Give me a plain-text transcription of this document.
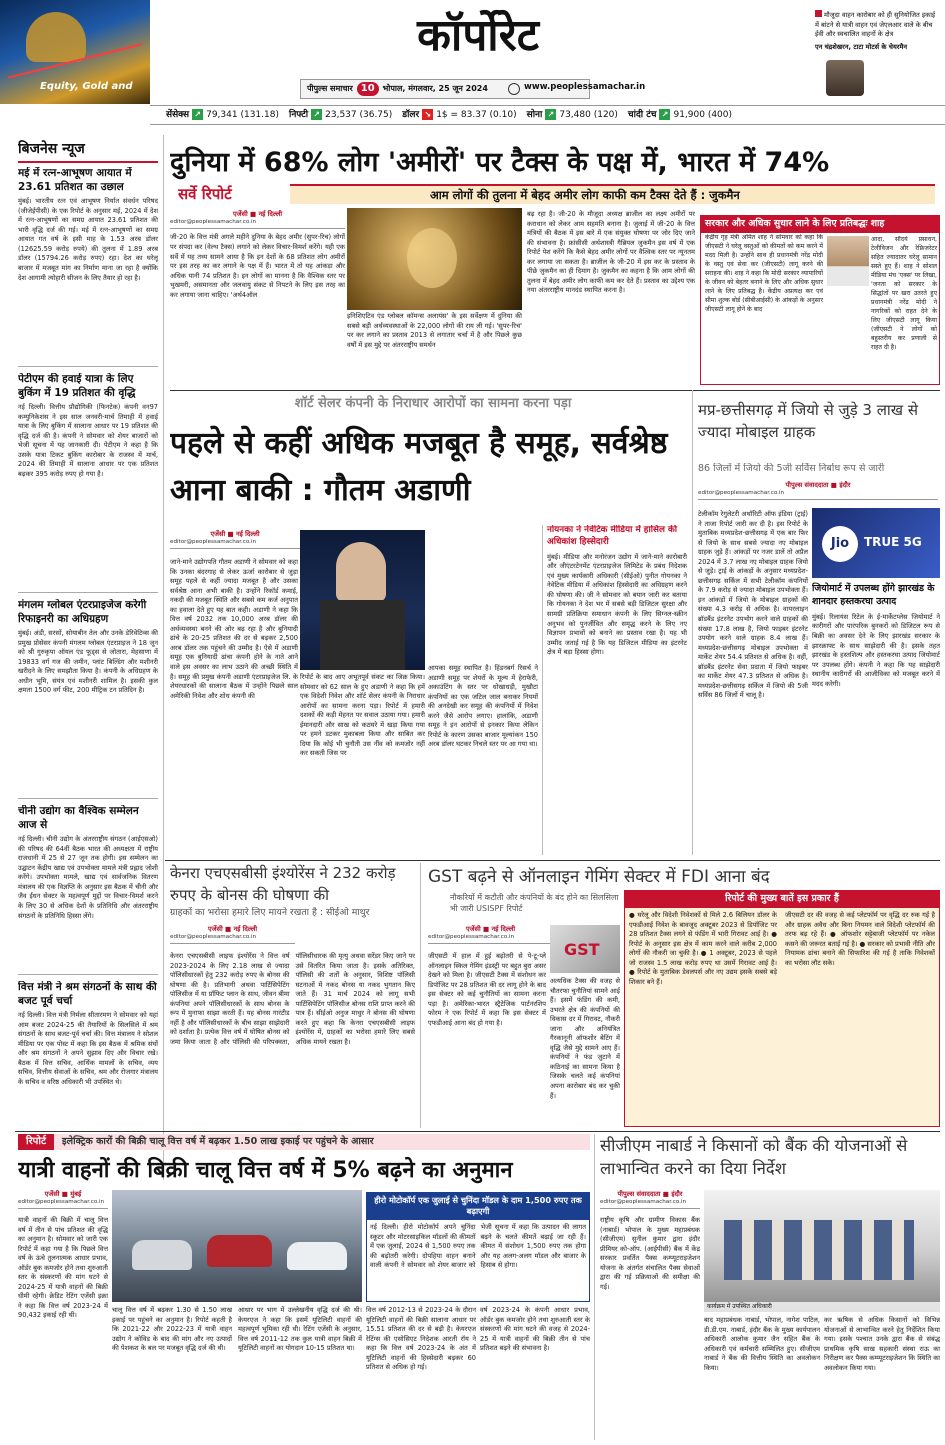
Equity, Gold and
कॉर्पोरेट
पीपुल्स समाचार 10	भोपाल, मंगलवार, 25 जून 2024	www.peoplessamachar.in
मौजूदा वाहन कारोबार को ही सुनियोजित इकाई में बांटने से यात्री वाहन एवं जेएलआर वाले के बीच ईवी और स्वचालित वाहनों के क्षेत्र
एन चंद्रशेखरन, टाटा मोटर्स के चेयरमैन
सेंसेक्स ↗ 79,341 (131.18) निफ्टी ↗ 23,537 (36.75) डॉलर ↘ 1$ = 83.37 (0.10) सोना ↗ 73,480 (120) चांदी टंच ↗ 91,900 (400)
बिजनेस न्यूज
मई में रत्न-आभूषण आयात में 23.61 प्रतिशत का उछाल
मुंबई। भारतीय रत्न एवं आभूषण निर्यात संवर्धन परिषद (जीजेईपीसी) के एक रिपोर्ट के अनुसार मई, 2024 में देश में रत्न-आभूषणों का समग्र आयात 23.61 प्रतिशत की भारी वृद्धि दर्ज की गई। मई में रत्न-आभूषणों का समग्र आयात गत वर्ष के इसी माह के 1.53 अरब डॉलर (12625.59 करोड़ रुपये) की तुलना में 1.89 अरब डॉलर (15794.26 करोड़ रुपए) रहा। देश का घरेलू बाजार में मजबूत मांग का निर्माण माना जा रहा है क्योंकि देश आगामी त्योहारी सीजन के लिए तैयार हो रहा है।
पेटीएम की हवाई यात्रा के लिए बुकिंग में 19 प्रतिशत की वृद्धि
नई दिल्ली। वित्तीय प्रौद्योगिकी (फिनटेक) कंपनी वन97 कम्युनिकेशंस ने इस साल जनवरी-मार्च तिमाही में हवाई यात्रा के लिए बुकिंग में सालाना आधार पर 19 प्रतिशत की वृद्धि दर्ज की है। कंपनी ने सोमवार को शेयर बाजारों को भेजी सूचना में यह जानकारी दी। पेटीएम ने कहा है कि उसके यात्रा टिकट बुकिंग कारोबार के राजस्व में मार्च, 2024 की तिमाही में सालाना आधार पर एक प्रतिशत बढ़कर 395 करोड़ रुपए हो गया है।
मंगलम ग्लोबल एंटरप्राइजेज करेगी रिफाइनरी का अधिग्रहण
मुंबई। अंडी, सरसों, सोयाबीन तेल और उनके डेरिवेटिव्स की प्रमुख प्रोसेसर कंपनी मंगलम ग्लोबल एंटरप्राइज ने 18 जून को श्री गुरुकृपा ऑयल एंड फूड्स से जोतारा, मेहसाणा में 19833 वर्ग गज की जमीन, प्लांट बिल्डिंग और मशीनरी खरीदने के लिए समझौता किया है। कंपनी के अधिग्रहण के अधीन भूमि, संयंत्र एवं मशीनरी शामिल है। इसकी कुल क्षमता 1500 वर्ग फीट, 200 मीट्रिक टन प्रतिदिन है।
चीनी उद्योग का वैश्विक सम्मेलन आज से
नई दिल्ली। चीनी उद्योग के अंतरराष्ट्रीय संगठन (आईएसओ) की परिषद की 64वीं बैठक भारत की अध्यक्षता में राष्ट्रीय राजधानी में 25 से 27 जून तक होगी। इस सम्मेलन का उद्घाटन केंद्रीय खाद्य एवं उपभोक्ता मामले मंत्री प्रह्लाद जोशी करेंगे। उपभोक्ता मामले, खाद्य एवं सार्वजनिक वितरण मंत्रालय की एक विज्ञप्ति के अनुसार इस बैठक में चीनी और जैव ईंधन सेक्टर के महत्वपूर्ण मुद्दों पर विचार-विमर्श करने के लिए 30 से अधिक देशों के प्रतिनिधि और अंतरराष्ट्रीय संगठनों के प्रतिनिधि हिस्सा लेंगे।
वित्त मंत्री ने श्रम संगठनों के साथ की बजट पूर्व चर्चा
नई दिल्ली। वित्त मंत्री निर्मला सीतारमण ने सोमवार को यहां आम बजट 2024-25 की तैयारियों के सिलसिले में श्रम संगठनों के साथ बजट-पूर्व चर्चा की। वित्त मंत्रालय ने सोशल मीडिया पर एक पोस्ट में कहा कि इस बैठक में श्रमिक संघों और श्रम संगठनों ने अपने सुझाव दिए और विचार रखे। बैठक में वित्त सचिव, आर्थिक मामलों के सचिव, व्यय सचिव, वित्तीय सेवाओं के सचिव, श्रम और रोजगार मंत्रालय के सचिव व वरिष्ठ अधिकारी भी उपस्थित थे।
दुनिया में 68% लोग 'अमीरों' पर टैक्स के पक्ष में, भारत में 74%
सर्वे रिपोर्ट	आम लोगों की तुलना में बेहद अमीर लोग काफी कम टैक्स देते हैं : जुकमैन
एजेंसी ■ नई दिल्ली
editor@peoplessamachar.co.in
जी-20 के वित्त मंत्री अगले महीने दुनिया के बेहद अमीर (सुपर-रिच) लोगों पर संपदा कर (वेल्थ टैक्स) लगाने को लेकर विचार-विमर्श करेंगे। यही एक सर्वे में यह तथ्य सामने आया है कि इन देशों के 68 प्रतिशत लोग अमीरों पर इस तरह का कर लगाने के पक्ष में हैं। भारत में तो यह आंकड़ा और अधिक यानी 74 प्रतिशत है। इन लोगों का मानना है कि वैश्विक स्तर पर भुखमरी, असमानता और जलवायु संकट से निपटने के लिए इस तरह का कर लगाया जाना चाहिए। 'अर्थ4ऑल
इनिशिएटिव एंड ग्लोबल कॉमन्स अलायंस' के इस सर्वेक्षण में दुनिया की सबसे बड़ी अर्थव्यवस्थाओं के 22,000 लोगों की राय ली गई। 'सुपर-रिच' पर कर लगाने का प्रस्ताव 2013 से लगातार चर्चा में है और पिछले कुछ वर्षों में इस मुद्दे पर अंतरराष्ट्रीय समर्थन
बढ़ रहा है। जी-20 के मौजूदा अध्यक्ष ब्राजील का लक्ष्य अमीरों पर कराधान को लेकर आम सहमति बनाना है। जुलाई में जी-20 के वित्त मंत्रियों की बैठक में इस बारे में एक संयुक्त घोषणा पर जोर दिए जाने की संभावना है। फ्रांसीसी अर्थशास्त्री गैब्रियल जुकमैन इस वर्ष में एक रिपोर्ट पेश करेंगे कि कैसे बेहद अमीर लोगों पर वैश्विक स्तर पर न्यूनतम कर लगाया जा सकता है। ब्राजील के जी-20 में इस कर के प्रस्ताव के पीछे जुकमैन का ही दिमाग है। जुकमैन का कहना है कि आम लोगों की तुलना में बेहद अमीर लोग काफी कम कर देते हैं। प्रस्ताव का उद्देश्य एक नया अंतरराष्ट्रीय मानदंड स्थापित करना है।
सरकार और अधिक सुधार लाने के लिए प्रतिबद्धः शाह
केंद्रीय गृह मंत्री अमित शाह ने सोमवार को कहा कि जीएसटी ने घरेलू वस्तुओं को कीमतों को कम करने में मदद मिली है। उन्होंने साथ ही प्रधानमंत्री नरेंद्र मोदी के वस्तु एवं सेवा कर (जीएसटी) लागू करने की सराहना की। शाह ने कहा कि मोदी सरकार व्यापारियों के जीवन को बेहतर बनाने के लिए और अधिक सुधार लाने के लिए प्रतिबद्ध है। केंद्रीय अप्रत्यक्ष कर एवं सीमा शुल्क बोर्ड (सीबीआईसी) के आंकड़ों के अनुसार जीएसटी लागू होने के बाद
आदा, सौंदर्य प्रसाधन, टेलीविजन और रेफ्रिजरेटर सहित ज्यादातर घरेलू सामान सस्ते हुए हैं। शाह ने सोशल मीडिया मंच 'एक्स' पर लिखा, 'जनता को सरकार के सिद्धांतों पर खरा उतरते हुए प्रधानमंत्री नरेंद्र मोदी ने नागरिकों को राहत देने के लिए जीएसटी लागू किया (जीएसटी ने लोगों को बहुस्तरीय कर प्रणाली से राहत दी है।
शॉर्ट सेलर कंपनी के निराधार आरोपों का सामना करना पड़ा
पहले से कहीं अधिक मजबूत है समूह, सर्वश्रेष्ठ आना बाकी : गौतम अडाणी
एजेंसी ■ नई दिल्ली
editor@peoplessamachar.co.in
जाने-माने उद्योगपति गौतम अडाणी ने सोमवार को कहा कि उनका बंदरगाह से लेकर ऊर्जा कारोबार से जुड़ा समूह पहले से कहीं ज्यादा मजबूत है और उसका सर्वश्रेष्ठ आना अभी बाकी है। उन्होंने रिकॉर्ड कमाई, नकदी की मजबूत स्थिति और सबसे कम कर्ज अनुपात का हवाला देते हुए यह बात कही। अडाणी ने कहा कि वित्त वर्ष 2032 तक 10,000 अरब डॉलर की अर्थव्यवस्था बनने की ओर बढ़ रहा है और बुनियादी ढांचे के 20-25 प्रतिशत की दर से बढ़कर 2,500 अरब डॉलर तक पहुंचने की उम्मीद है। ऐसे में अडाणी समूह एक बुनियादी ढांचा कंपनी होने के नाते आने वाले इस अवसर का लाभ उठाने की अच्छी स्थिति में है। समूह की प्रमुख कंपनी अडाणी एंटरप्राइजेज लि. के शेयरधारकों की सालाना बैठक में उन्होंने पिछले साल अमेरिकी निवेश और शोध कंपनी की
रिपोर्ट के बाद आए अभूतपूर्व संकट का जिक्र किया। सोमवार को 62 साल के हुए अडाणी ने कहा कि हमें एक विदेशी निवेश और शॉर्ट सेलर कंपनी के निराधार आरोपों का सामना करना पड़ा। रिपोर्ट में हमारी दशकों की कड़ी मेहनत पर सवाल उठाया गया। हमारी ईमानदारी और साख को कठघरे में खड़ा किया गया पर हमने डटकर मुकाबला किया और साबित कर दिया कि कोई भी चुनौती उस नींव को कमजोर नहीं कर सकती जिस पर
आपका समूह स्थापित है। हिंडनबर्ग रिसर्च ने अडाणी समूह पर शेयरों के मूल्य में हेराफेरी, अकाउंटिंग के स्तर पर धोखाधड़ी, मुखौटा कंपनियों का एक जटिल जाल बनाकर नियमों की अनदेखी कर समूह की कंपनियों में निवेश करने जैसे आरोप लगाए। हालांकि, अडाणी समूह ने इन आरोपों से इनकार किया लेकिन रिपोर्ट के कारण उसका बाजार मूल्यांकन 150 अरब डॉलर घटकर निचले स्तर पर आ गया था।
नोयनका ने नेवेटिक मीडिया में हासिल की अधिकांश हिस्सेदारी
मुंबई। मीडिया और मनोरंजन उद्योग में जाने-माने कारोबारी और जीएंटरटेनमेंट एंटरप्राइजेज लिमिटेड के प्रबंध निदेशक एवं मुख्य कार्यकारी अधिकारी (सीईओ) पुनीत गोयनका ने नेवेटिक मीडिया में अधिकांश हिस्सेदारी का अधिग्रहण करने की घोषणा की। जी ने सोमवार को बयान जारी कर बताया कि गोयनका ने देश भर में सबसे बड़ी डिजिटल सुरक्षा और सामग्री प्रतिक्रिया समाधान कंपनी के लिए सिग्नल-स्क्रीन अनुभव को पुनर्जीवित और समृद्ध करने के लिए नए विज्ञापन प्रभावों को बनाने का प्रस्ताव रखा है। यह भी उम्मीद जताई गई है कि यह डिजिटल मीडिया का इंटरनेट क्षेत्र में बड़ा हिस्सा होगा।
मप्र-छत्तीसगढ़ में जियो से जुड़े 3 लाख से ज्यादा मोबाइल ग्राहक
86 जिलों में जियो की 5जी सर्विस निर्बाध रूप से जारी
पीपुल्स संवाददाता ■ इंदौर
editor@peoplessamachar.co.in
टेलीकॉम रेगुलेटरी अथॉरिटी ऑफ इंडिया (ट्राई) ने ताजा रिपोर्ट जारी कर दी है। इस रिपोर्ट के मुताबिक मध्यप्रदेश-छत्तीसगढ़ में एक बार फिर से जियो के साथ सबसे ज्यादा नए मोबाइल ग्राहक जुड़े हैं। आंकड़ों पर नजर डालें तो अप्रैल 2024 में 3.7 लाख नए मोबाइल ग्राहक जियो से जुड़े। ट्राई के आंकड़ों के अनुसार मध्यप्रदेश-छत्तीसगढ़ सर्किल में सभी टेलीकॉम कंपनियों के 7.9 करोड़ से ज्यादा मोबाइल उपभोक्ता हैं। इन आंकड़ों में जियो के मोबाइल ग्राहकों की संख्या 4.3 करोड़ से अधिक है। वायरलाइन ब्रॉडबैंड इंटरनेट उपभोग करने वाले ग्राहकों की संख्या 17.8 लाख है, जियो फाइबर इंटरनेट उपयोग करने वाले ग्राहक 8.4 लाख हैं। मध्यप्रदेश-छत्तीसगढ़ मोबाइल उपभोक्ता में मार्केट शेयर 54.4 प्रतिशत से अधिक है। वहीं, ब्रॉडबैंड इंटरनेट सेवा प्रदाता में जियो फाइबर का मार्केट शेयर 47.3 प्रतिशत से अधिक है। मध्यप्रदेश-छत्तीसगढ़ सर्किल में जियो की 5जी सर्विस 86 जिलों में चालू है।
Jio	TRUE 5G
जियोमार्ट में उपलब्ध होंगे झारखंड के शानदार हस्तकरघा उत्पाद
मुंबई। रिलायंस रिटेल के ई-मार्केटप्लेस जियोमार्ट ने कारीगरों और पारंपरिक बुनकरों को डिजिटल रूप से बिक्री का अवसर देने के लिए झारखंड सरकार के झारक्राफ्ट के साथ साझेदारी की है। इसके तहत झारखंड के हस्तशिल्प और हस्तकरघा उत्पाद जियोमार्ट पर उपलब्ध होंगे। कंपनी ने कहा कि यह साझेदारी स्थानीय कारीगरों की आजीविका को मजबूत करने में मदद करेगी।
केनरा एचएसबीसी इंश्योरेंस ने 232 करोड़ रुपए के बोनस की घोषणा की
ग्राहकों का भरोसा हमारे लिए मायने रखता है : सीईओ माथुर
एजेंसी ■ नई दिल्ली
editor@peoplessamachar.co.in
केनरा एचएसबीसी लाइफ इंश्योरेंस ने वित्त वर्ष 2023-2024 के लिए 2.18 लाख से ज्यादा पॉलिसीधारकों हेतु 232 करोड़ रुपए के बोनस की घोषणा की है। प्रतिभागी अथवा पार्टिसिपेटिंग पॉलिसीज में या प्रॉफिट प्लान के साथ, जीवन बीमा कंपनियां अपने पॉलिसीधारकों के साथ बोनस के रूप में मुनाफा साझा करती हैं। यह बोनस गारंटीड नहीं है और पॉलिसीधारकों के बीच साझा साझेदारी को दर्शाता है। प्रत्येक वित्त वर्ष में घोषित बोनस को जमा किया जाता है और पॉलिसी की परिपक्वता, पॉलिसीधारक की मृत्यु अथवा सरेंडर किए जाने पर उसे वितरित किया जाता है। इसके अतिरिक्त, पॉलिसी की शर्तों के अनुसार, विशिष्ट पॉलिसी घटनाओं में नकद बोनस या नकद भुगतान किए जाते हैं। 31 मार्च 2024 को लागू सभी पार्टिसिपेटिंग पॉलिसीज बोनस राशि प्राप्त करने की पात्र हैं। सीईओ अनुज माथुर ने बोनस की घोषणा करते हुए कहा कि केनरा एचएसबीसी लाइफ इंश्योरेंस में, ग्राहकों का भरोसा हमारे लिए सबसे अधिक मायने रखता है।
GST बढ़ने से ऑनलाइन गेमिंग सेक्टर में FDI आना बंद
नौकरियों में कटौती और कंपनियों के बंद होने का सिलसिला भी जारी USISPF रिपोर्ट
एजेंसी ■ नई दिल्ली
editor@peoplessamachar.co.in
जीएसटी में हाल में हुई बढ़ोतरी से पे-टू-प्ले ऑनलाइन स्किल गेमिंग इंडस्ट्री पर बहुत बुरा असर देखने को मिला है। जीएसटी टैक्स में संशोधन कर डिपॉजिट पर 28 प्रतिशत की दर लागू होने के बाद इस सेक्टर को कई चुनौतियों का सामना करना पड़ा है। अमेरिका-भारत स्ट्रैटेजिक पार्टनरशिप फोरम ने एक रिपोर्ट में कहा कि इस सेक्टर में एफडीआई आना बंद हो गया है।
GST
अत्यधिक टैक्स की वजह से चौतरफा चुनौतियां सामने आई हैं। इसमें फंडिंग की कमी, उभरते क्षेत्र की कंपनियों की विकास दर में गिरावट, नौकरी जाना और अनियंत्रित गैरकानूनी ऑफशोर बेटिंग में वृद्धि जैसे मुद्दे सामने आए हैं। कंपनियों ने फंड जुटाने में कठिनाई का सामना किया है जिसके चलते कई कंपनियां अपना कारोबार बंद कर चुकी हैं।
रिपोर्ट की मुख्य बातें इस प्रकार हैं
● घरेलू और विदेशी निवेशकों से मिले 2.6 बिलियन डॉलर के एफडीआई निवेश के बावजूद अक्टूबर 2023 से डिपॉजिट पर 28 प्रतिशत टैक्स लगने से फंडिंग में भारी गिरावट आई है। ● रिपोर्ट के अनुसार इस क्षेत्र में काम करने वाले करीब 2,000 लोगों की नौकरी जा चुकी है। ● 1 अक्टूबर, 2023 से पहले जो राजस्व 1.5 लाख करोड़ रुपए था उसमें गिरावट आई है। ● रिपोर्ट के मुताबिक डेवलपर्स और नए उद्यम इसके सबसे बड़े शिकार बने हैं।
जीएसटी दर की वजह से कई प्लेटफॉर्म पर वृद्धि दर रुक गई है और ग्राहक अवैध और बिना नियमन वाले विदेशी प्लेटफॉर्म की तरफ बढ़ रहे हैं। ● ऑफशोर सट्टेबाजी प्लेटफॉर्म पर नकेल कसने की जरूरत बताई गई है। ● सरकार को प्रभावी नीति और नियामक ढांचा बनाने की सिफारिश की गई है ताकि निवेशकों का भरोसा लौट सके।
रिपोर्ट	इलेक्ट्रिक कारों की बिक्री चालू वित्त वर्ष में बढ़कर 1.50 लाख इकाई पर पहुंचने के आसार
यात्री वाहनों की बिक्री चालू वित्त वर्ष में 5% बढ़ने का अनुमान
एजेंसी ■ मुंबई
editor@peoplessamachar.co.in
यात्री वाहनों की बिक्री में चालू वित्त वर्ष में तीन से पांच प्रतिशत की वृद्धि का अनुमान है। सोमवार को जारी एक रिपोर्ट में कहा गया है कि पिछले वित्त वर्ष के ऊंचे तुलनात्मक आधार प्रभाव, ऑर्डर बुक कमजोर होने तथा शुरुआती स्तर के संस्करणों की मांग घटने से 2024-25 में यात्री वाहनों की बिक्री धीमी रहेगी। क्रेडिट रेटिंग एजेंसी इक्रा ने कहा कि वित्त वर्ष 2023-24 में 90,432 इकाई रही थी।
चालू वित्त वर्ष में बढ़कर 1.30 से 1.50 लाख इकाई पर पहुंचने का अनुमान है। रिपोर्ट कहती है कि 2021-22 और 2022-23 में यात्री वाहन उद्योग ने कोविड के बाद की मांग और नए उत्पादों की पेशकश के बल पर मजबूत वृद्धि दर्ज की थी।
आधार पर भाग में उल्लेखनीय वृद्धि दर्ज की थी। केयरएज ने कहा कि इसमें यूटिलिटी वाहनों की महत्वपूर्ण भूमिका रही थी। रेटिंग एजेंसी के अनुसार, वित्त वर्ष 2011-12 तक कुल यात्री वाहन बिक्री में यूटिलिटी वाहनों का योगदान 10-15 प्रतिशत था।
हीरो मोटोकॉर्प एक जुलाई से चुनिंदा मॉडल के दाम 1,500 रुपए तक बढ़ाएगी
नई दिल्ली। हीरो मोटोकॉर्प अपने चुनिंदा स्कूटर और मोटरसाइकिल मॉडलों की कीमतों में एक जुलाई, 2024 से 1,500 रुपए तक की बढ़ोतरी करेगी। दोपहिया वाहन बनाने वाली कंपनी ने सोमवार को शेयर बाजार को भेजी सूचना में कहा कि उत्पादन की लागत बढ़ने के चलते कीमतें बढ़ाई जा रही हैं। कीमत में संशोधन 1,500 रुपए तक होगा और यह अलग-अलग मॉडल और बाजार के हिसाब से होगा।
वित्त वर्ष 2012-13 से 2023-24 के दौरान यूटिलिटी वाहनों की बिक्री सालाना आधार पर 15.51 प्रतिशत की दर से बढ़ी है। केयरएज रेटिंग्स की एसोसिएट निदेशक आरती रॉय ने कहा कि वित्त वर्ष 2023-24 के अंत में यूटिलिटी वाहनों की हिस्सेदारी बढ़कर 60 प्रतिशत से अधिक हो गई।
वर्ष 2023-24 के कंपनी आधार प्रभाव, ऑर्डर बुक कमजोर होने तथा शुरुआती स्तर के संस्करणों की मांग घटने की वजह से 2024-25 में यात्री वाहनों की बिक्री तीन से पांच प्रतिशत बढ़ने की संभावना है।
सीजीएम नाबार्ड ने किसानों को बैंक की योजनाओं से लाभान्वित करने का दिया निर्देश
पीपुल्स संवाददाता ■ इंदौर
editor@peoplessamachar.co.in
राष्ट्रीय कृषि और ग्रामीण विकास बैंक (नाबार्ड) भोपाल के मुख्य महाप्रबंधक (सीजीएम) सुनील कुमार द्वारा इंदौर प्रीमियर को-ऑप. (आईपीसी) बैंक में केंद्र सरकार प्रवर्तित पैक्स कम्प्यूटराइजेशन योजना के अंतर्गत संचालित पैक्स सेवाओं द्वारा की गई प्रक्रियाओं की समीक्षा की गई।
कार्यक्रम में उपस्थित अधिकारी
बाद महाप्रबंधक नाबार्ड, भोपाल, नागेश पाटिल, डी.डी.एम. नाबार्ड, इंदौर बैंक के मुख्य कार्यपालन अधिकारी आलोक कुमार जैन सहित बैंक के अधिकारी एवं कर्मचारी सम्मिलित हुए। सीजीएम नाबार्ड ने बैंक की वित्तीय स्थिति का अवलोकन किया।
कर ऋषिक से अधिक किसानों को विभिन्न योजनाओं से लाभान्वित करने हेतु निर्देशित किया गया। इसके पश्चात उनके द्वारा बैंक से संबंद्ध प्राथमिक कृषि साख सहकारी संस्था राऊ का निरीक्षण कर पैक्स कम्प्यूटराइजेशन कि स्थिति का अवलोकन किया गया।
